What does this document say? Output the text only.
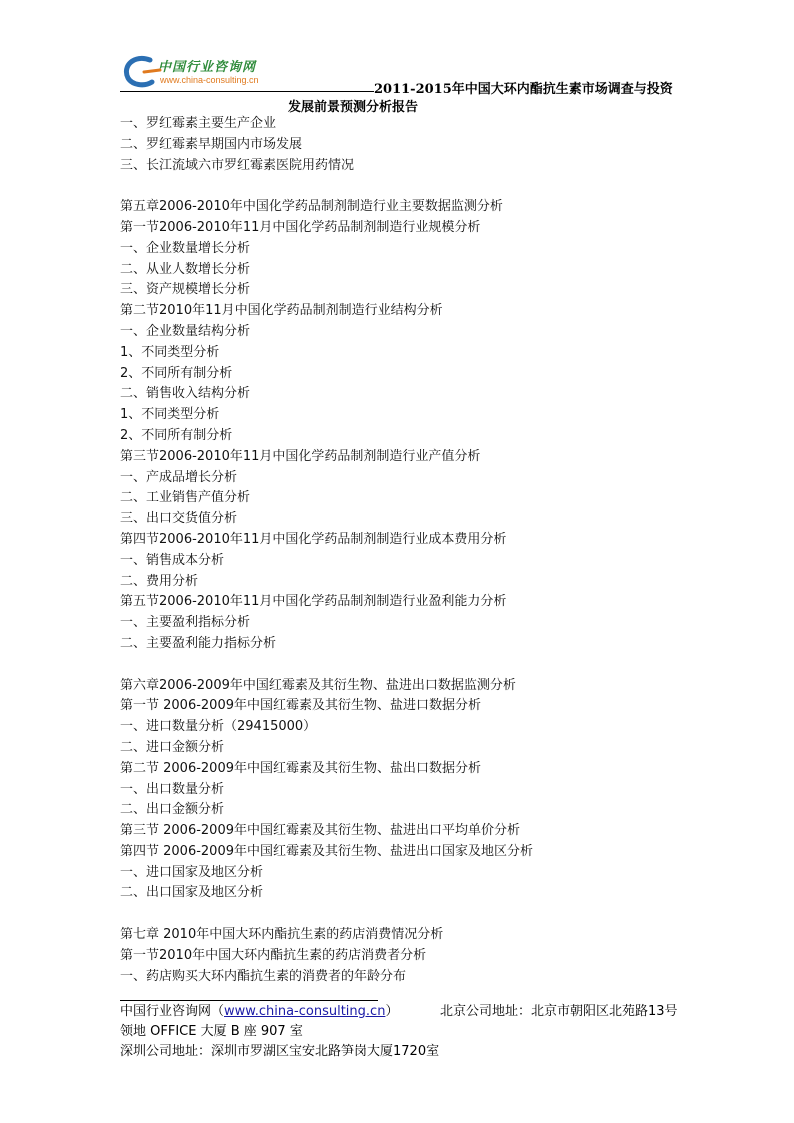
中国行业咨询网
www.china-consulting.cn
2011-2015年中国大环内酯抗生素市场调查与投资
发展前景预测分析报告
一、罗红霉素主要生产企业
二、罗红霉素早期国内市场发展
三、长江流域六市罗红霉素医院用药情况
第五章2006-2010年中国化学药品制剂制造行业主要数据监测分析
第一节2006-2010年11月中国化学药品制剂制造行业规模分析
一、企业数量增长分析
二、从业人数增长分析
三、资产规模增长分析
第二节2010年11月中国化学药品制剂制造行业结构分析
一、企业数量结构分析
1、不同类型分析
2、不同所有制分析
二、销售收入结构分析
1、不同类型分析
2、不同所有制分析
第三节2006-2010年11月中国化学药品制剂制造行业产值分析
一、产成品增长分析
二、工业销售产值分析
三、出口交货值分析
第四节2006-2010年11月中国化学药品制剂制造行业成本费用分析
一、销售成本分析
二、费用分析
第五节2006-2010年11月中国化学药品制剂制造行业盈利能力分析
一、主要盈利指标分析
二、主要盈利能力指标分析
第六章2006-2009年中国红霉素及其衍生物、盐进出口数据监测分析
第一节 2006-2009年中国红霉素及其衍生物、盐进口数据分析
一、进口数量分析（29415000）
二、进口金额分析
第二节 2006-2009年中国红霉素及其衍生物、盐出口数据分析
一、出口数量分析
二、出口金额分析
第三节 2006-2009年中国红霉素及其衍生物、盐进出口平均单价分析
第四节 2006-2009年中国红霉素及其衍生物、盐进出口国家及地区分析
一、进口国家及地区分析
二、出口国家及地区分析
第七章 2010年中国大环内酯抗生素的药店消费情况分析
第一节2010年中国大环内酯抗生素的药店消费者分析
一、药店购买大环内酯抗生素的消费者的年龄分布
中国行业咨询网（www.china-consulting.cn）	北京公司地址：北京市朝阳区北苑路13号领地 OFFICE 大厦 B 座 907 室
深圳公司地址：深圳市罗湖区宝安北路笋岗大厦1720室
